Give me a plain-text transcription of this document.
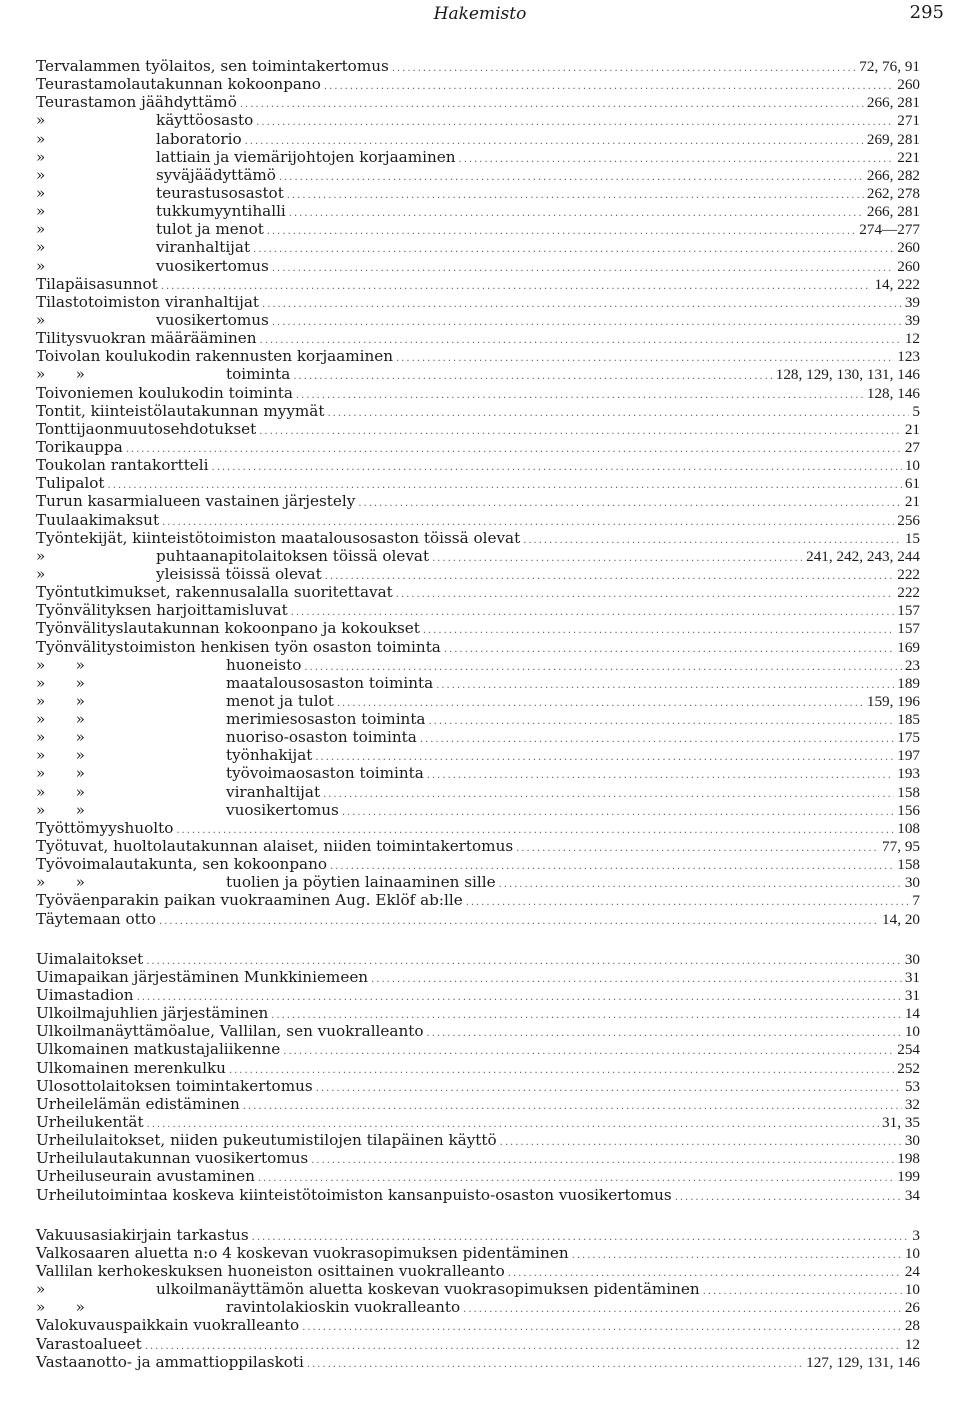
Hakemisto	295
Tervalammen työlaitos, sen toimintakertomus .....	72, 76, 91
Teurastamolautakunnan kokoonpano .....	260
Teurastamon jäähdyttämö .....	266, 281
»	käyttöosasto .....	271
»	laboratorio .....	269, 281
»	lattiain ja viemärijohtojen korjaaminen .....	221
»	syväjäädyttämö .....	266, 282
»	teurastusosastot .....	262, 278
»	tukkumyyntihalli .....	266, 281
»	tulot ja menot .....	274—277
»	viranhaltijat .....	260
»	vuosikertomus .....	260
Tilapäisasunnot .....	14, 222
Tilastotoimiston viranhaltijat .....	39
»	vuosikertomus .....	39
Tilitysvuokran määrääminen .....	12
Toivolan koulukodin rakennusten korjaaminen .....	123
»  »	toiminta .....	128, 129, 130, 131, 146
Toivoniemen koulukodin toiminta .....	128, 146
Tontit, kiinteistölautakunnan myymät .....	5
Tonttijaonmuutosehdotukset .....	21
Torikauppa .....	27
Toukolan rantakortteli .....	10
Tulipalot .....	61
Turun kasarmialueen vastainen järjestely .....	21
Tuulaakimaksut .....	256
Työntekijät, kiinteistötoimiston maatalousosaston töissä olevat .....	15
»	puhtaanapitolaitoksen töissä olevat .....	241, 242, 243, 244
»	yleisissä töissä olevat .....	222
Työntutkimukset, rakennusalalla suoritettavat .....	222
Työnvälityksen harjoittamisluvat .....	157
Työnvälityslautakunnan kokoonpano ja kokoukset .....	157
Työnvälitystoimiston henkisen työn osaston toiminta .....	169
»  »	huoneisto .....	23
»  »	maatalousosaston toiminta .....	189
»  »	menot ja tulot .....	159, 196
»  »	merimiesosaston toiminta .....	185
»  »	nuoriso-osaston toiminta .....	175
»  »	työnhakijat .....	197
»  »	työvoimaosaston toiminta .....	193
»  »	viranhaltijat .....	158
»  »	vuosikertomus .....	156
Työttömyyshuolto .....	108
Työtuvat, huoltolautakunnan alaiset, niiden toimintakertomus .....	77, 95
Työvoimalautakunta, sen kokoonpano .....	158
»  »	tuolien ja pöytien lainaaminen sille .....	30
Työväenparakin paikan vuokraaminen Aug. Eklöf ab:lle .....	7
Täytemaan otto .....	14, 20
Uimalaitokset .....	30
Uimapaikan järjestäminen Munkkiniemeen .....	31
Uimastadion .....	31
Ulkoilmajuhlien järjestäminen .....	14
Ulkoilmanäyttämöalue, Vallilan, sen vuokralleanto .....	10
Ulkomainen matkustajaliikenne .....	254
Ulkomainen merenkulku .....	252
Ulosottolaitoksen toimintakertomus .....	53
Urheilelämän edistäminen .....	32
Urheilukentät .....	31, 35
Urheilulaitokset, niiden pukeutumistilojen tilapäinen käyttö .....	30
Urheilulautakunnan vuosikertomus .....	198
Urheiluseurain avustaminen .....	199
Urheilutoimintaa koskeva kiinteistötoimiston kansanpuisto-osaston vuosikertomus .....	34
Vakuusasiakirjain tarkastus .....	3
Valkosaaren aluetta n:o 4 koskevan vuokrasopimuksen pidentäminen .....	10
Vallilan kerhokeskuksen huoneiston osittainen vuokralleanto .....	24
»	ulkoilmanäyttämön aluetta koskevan vuokrasopimuksen pidentäminen .....	10
»  »	ravintolakioskin vuokralleanto .....	26
Valokuvauspaikkain vuokralleanto .....	28
Varastoalueet .....	12
Vastaanotto- ja ammattioppilaskoti .....	127, 129, 131, 146
